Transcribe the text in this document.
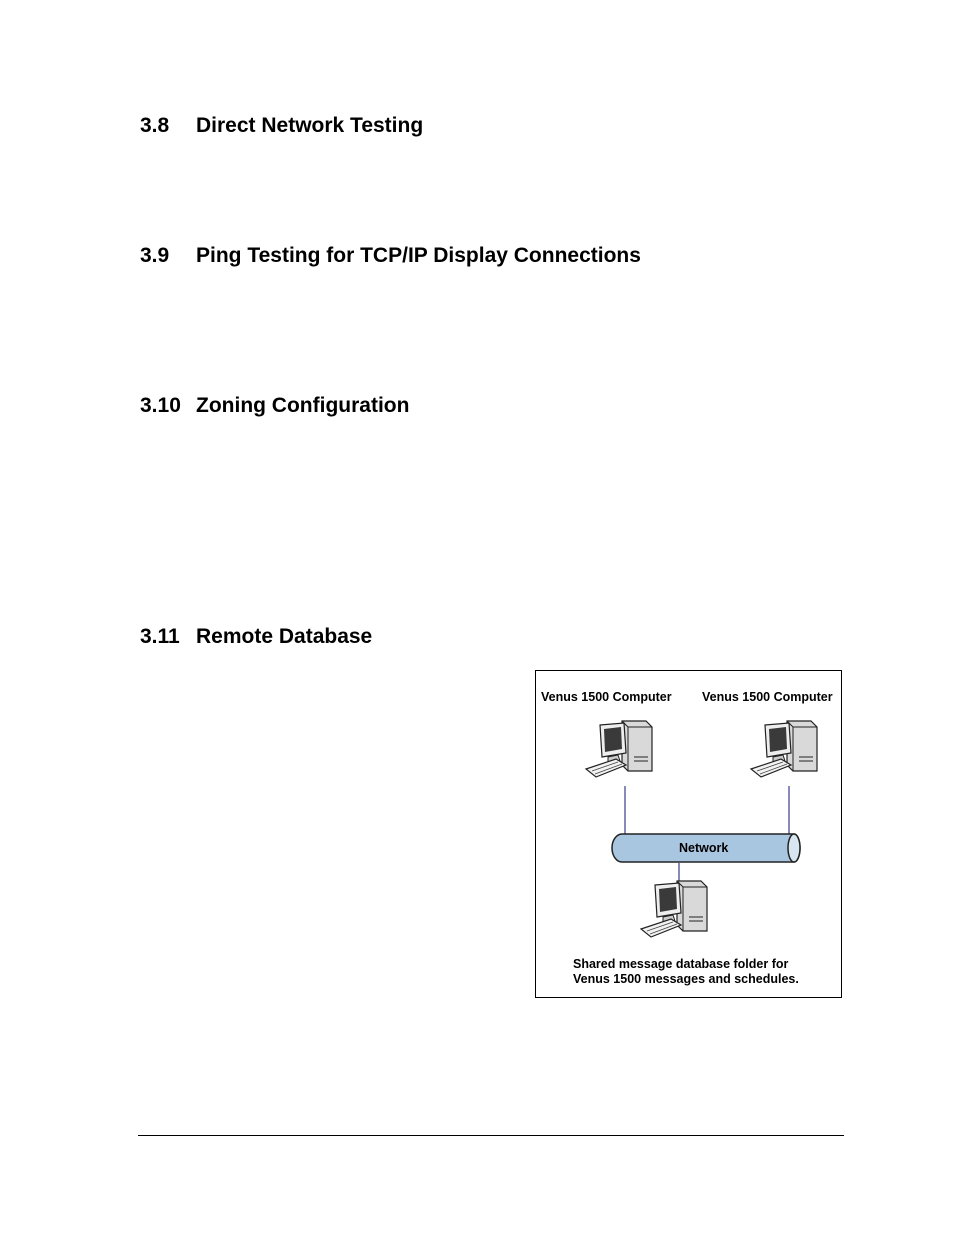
3.8 Direct Network Testing
3.9 Ping Testing for TCP/IP Display Connections
3.10 Zoning Configuration
3.11 Remote Database
Venus 1500 Computer Venus 1500 Computer
Network
Shared message database folder for
Venus 1500 messages and schedules.
